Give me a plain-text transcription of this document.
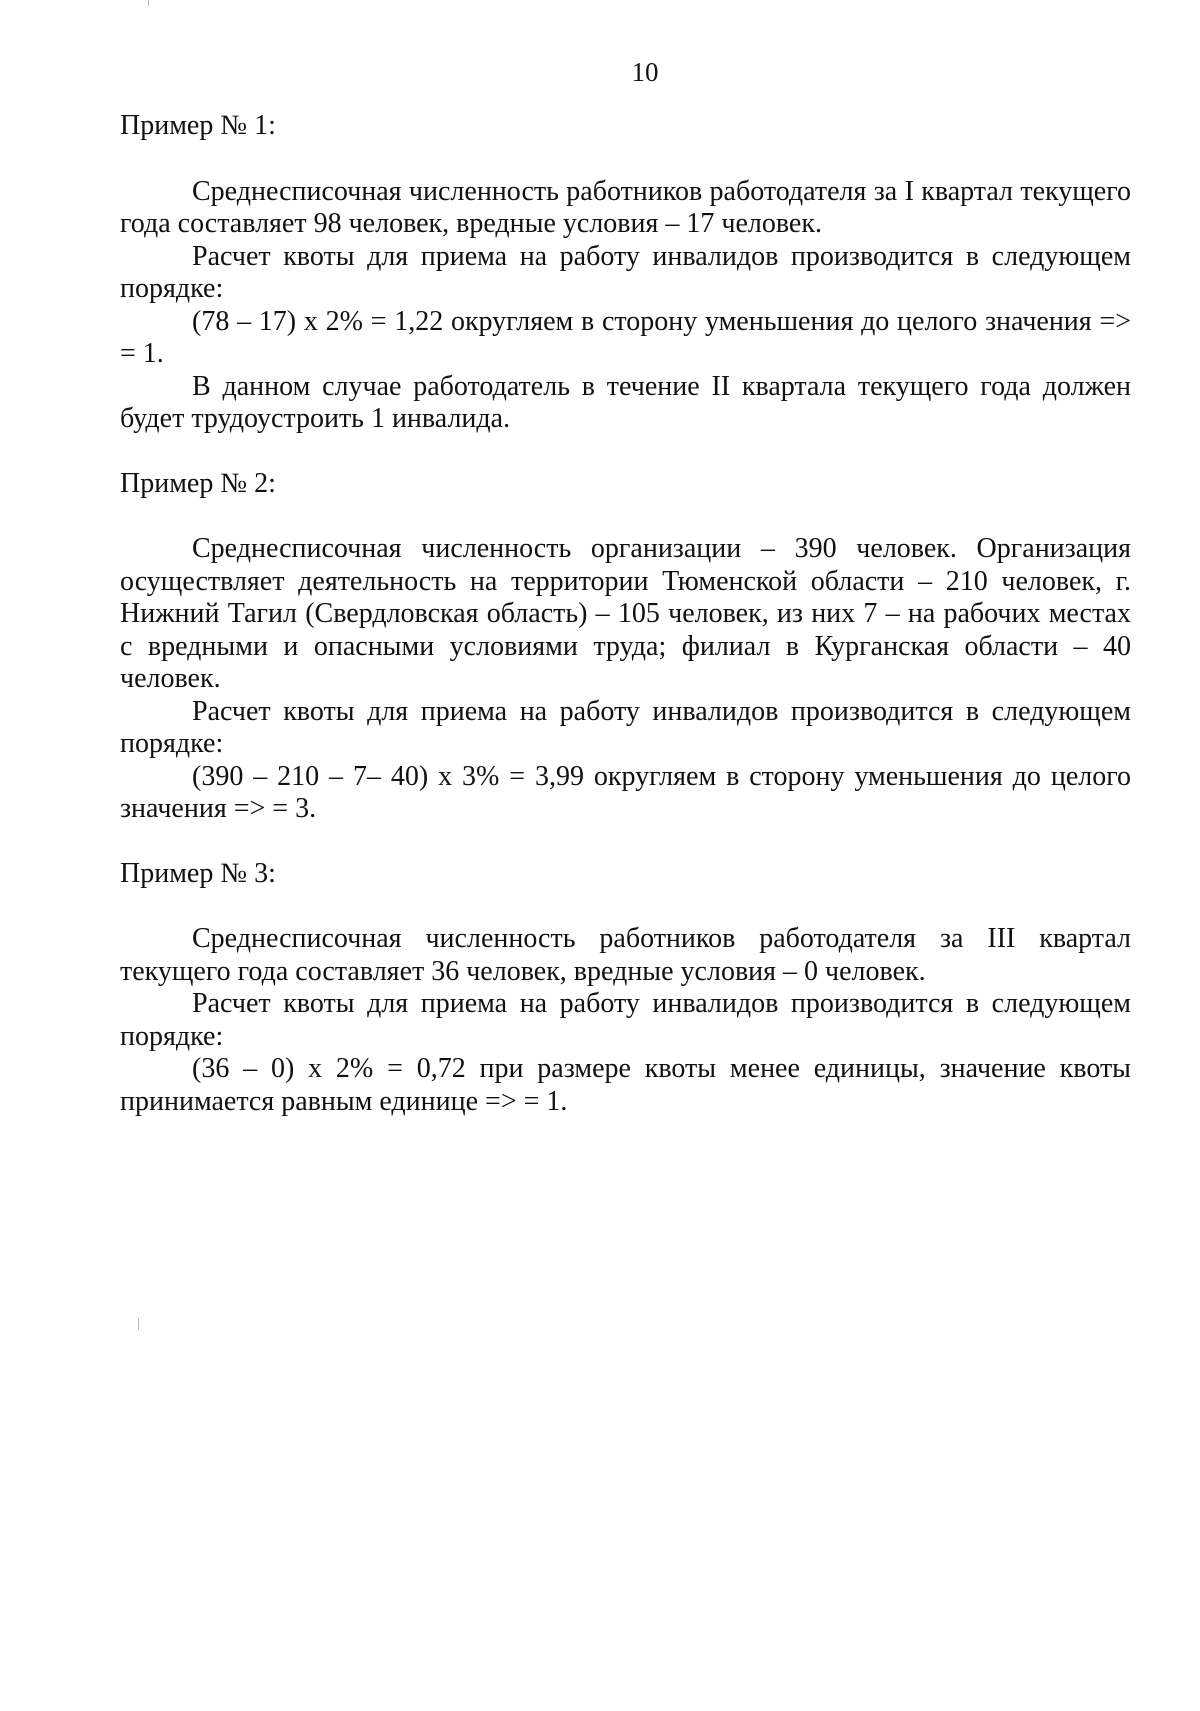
10
Пример № 1:

Среднесписочная численность работников работодателя за I квартал текущего года составляет 98 человек, вредные условия – 17 человек.

Расчет квоты для приема на работу инвалидов производится в следующем порядке:

(78 – 17) х 2% = 1,22 округляем в сторону уменьшения до целого значения => = 1.

В данном случае работодатель в течение II квартала текущего года должен будет трудоустроить 1 инвалида.

Пример № 2:

Среднесписочная численность организации – 390 человек. Организация осуществляет деятельность на территории Тюменской области – 210 человек, г. Нижний Тагил (Свердловская область) – 105 человек, из них 7 – на рабочих местах с вредными и опасными условиями труда; филиал в Курганская области – 40 человек.

Расчет квоты для приема на работу инвалидов производится в следующем порядке:

(390 – 210 – 7– 40) х 3% = 3,99 округляем в сторону уменьшения до целого значения => = 3.

Пример № 3:

Среднесписочная численность работников работодателя за III квартал текущего года составляет 36 человек, вредные условия – 0 человек.

Расчет квоты для приема на работу инвалидов производится в следующем порядке:

(36 – 0) х 2% = 0,72 при размере квоты менее единицы, значение квоты принимается равным единице => = 1.
